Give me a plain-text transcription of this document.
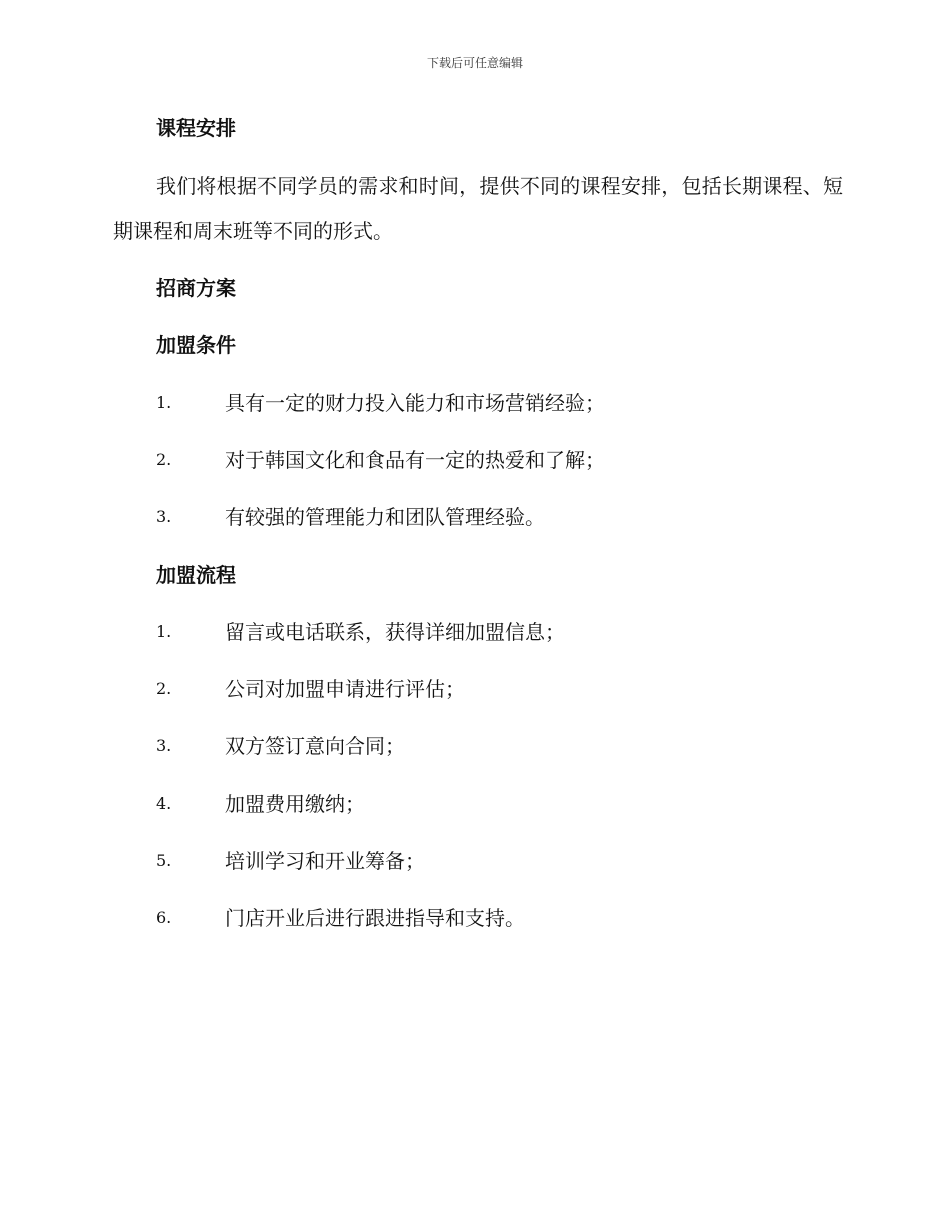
下载后可任意编辑
课程安排
我们将根据不同学员的需求和时间，提供不同的课程安排，包括长期课程、短期课程和周末班等不同的形式。
招商方案
加盟条件
1.	具有一定的财力投入能力和市场营销经验；
2.	对于韩国文化和食品有一定的热爱和了解；
3.	有较强的管理能力和团队管理经验。
加盟流程
1.	留言或电话联系，获得详细加盟信息；
2.	公司对加盟申请进行评估；
3.	双方签订意向合同；
4.	加盟费用缴纳；
5.	培训学习和开业筹备；
6.	门店开业后进行跟进指导和支持。
